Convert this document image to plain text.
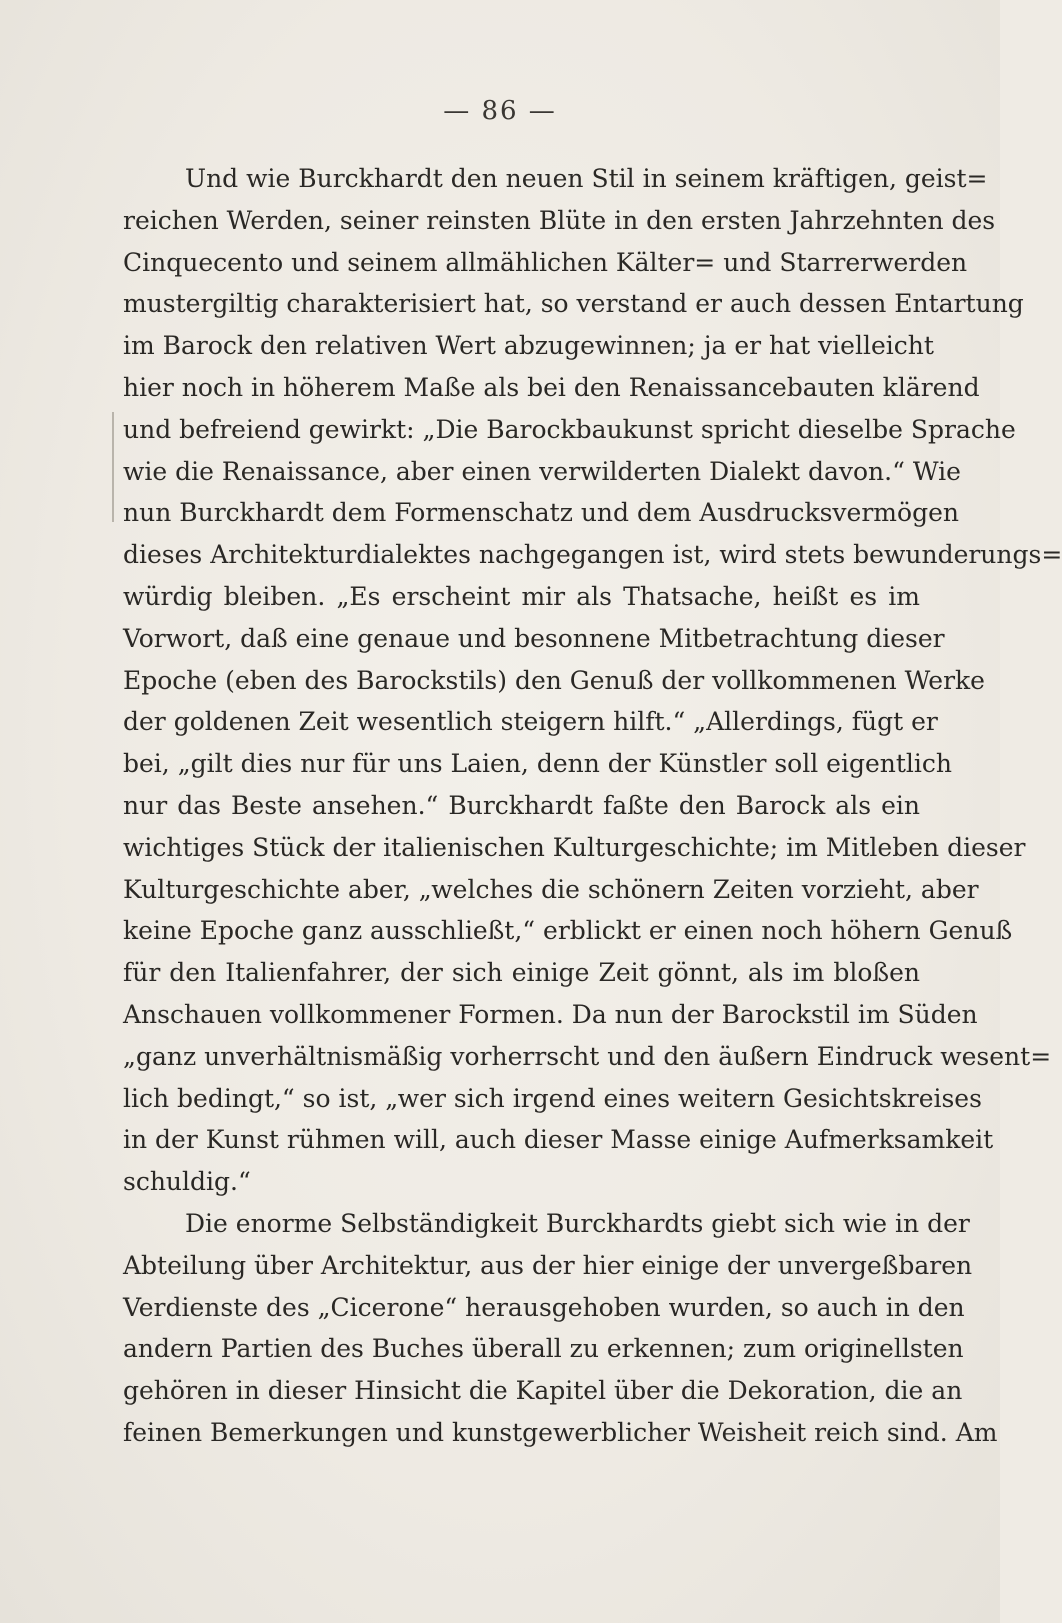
— 86 —
Und wie Burckhardt den neuen Stil in seinem kräftigen, geist=
reichen Werden, seiner reinsten Blüte in den ersten Jahrzehnten des
Cinquecento und seinem allmählichen Kälter= und Starrerwerden
mustergiltig charakterisiert hat, so verstand er auch dessen Entartung
im Barock den relativen Wert abzugewinnen; ja er hat vielleicht
hier noch in höherem Maße als bei den Renaissancebauten klärend
und befreiend gewirkt: „Die Barockbaukunst spricht dieselbe Sprache
wie die Renaissance, aber einen verwilderten Dialekt davon.“ Wie
nun Burckhardt dem Formenschatz und dem Ausdrucksvermögen
dieses Architekturdialektes nachgegangen ist, wird stets bewunderungs=
würdig bleiben. „Es erscheint mir als Thatsache, heißt es im
Vorwort, daß eine genaue und besonnene Mitbetrachtung dieser
Epoche (eben des Barockstils) den Genuß der vollkommenen Werke
der goldenen Zeit wesentlich steigern hilft.“ „Allerdings, fügt er
bei, „gilt dies nur für uns Laien, denn der Künstler soll eigentlich
nur das Beste ansehen.“ Burckhardt faßte den Barock als ein
wichtiges Stück der italienischen Kulturgeschichte; im Mitleben dieser
Kulturgeschichte aber, „welches die schönern Zeiten vorzieht, aber
keine Epoche ganz ausschließt,“ erblickt er einen noch höhern Genuß
für den Italienfahrer, der sich einige Zeit gönnt, als im bloßen
Anschauen vollkommener Formen. Da nun der Barockstil im Süden
„ganz unverhältnismäßig vorherrscht und den äußern Eindruck wesent=
lich bedingt,“ so ist, „wer sich irgend eines weitern Gesichtskreises
in der Kunst rühmen will, auch dieser Masse einige Aufmerksamkeit
schuldig.“
Die enorme Selbständigkeit Burckhardts giebt sich wie in der
Abteilung über Architektur, aus der hier einige der unvergeßbaren
Verdienste des „Cicerone“ herausgehoben wurden, so auch in den
andern Partien des Buches überall zu erkennen; zum originellsten
gehören in dieser Hinsicht die Kapitel über die Dekoration, die an
feinen Bemerkungen und kunstgewerblicher Weisheit reich sind. Am
